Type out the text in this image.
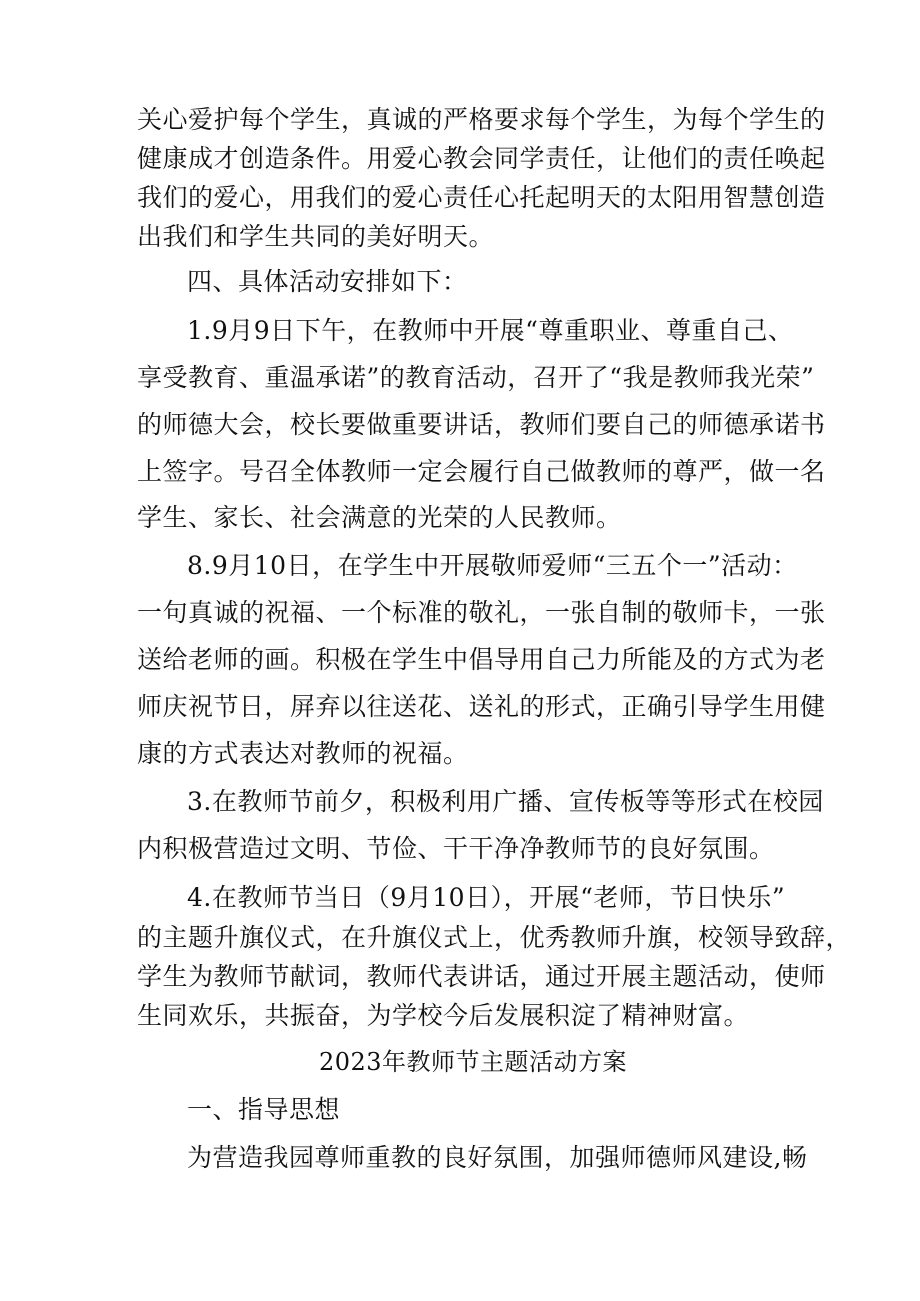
关心爱护每个学生，真诚的严格要求每个学生，为每个学生的
健康成才创造条件。用爱心教会同学责任，让他们的责任唤起
我们的爱心，用我们的爱心责任心托起明天的太阳用智慧创造
出我们和学生共同的美好明天。
四、具体活动安排如下：
1.9月9日下午，在教师中开展“尊重职业、尊重自己、
享受教育、重温承诺”的教育活动，召开了“我是教师我光荣”
的师德大会，校长要做重要讲话，教师们要自己的师德承诺书
上签字。号召全体教师一定会履行自己做教师的尊严，做一名
学生、家长、社会满意的光荣的人民教师。
8.9月10日，在学生中开展敬师爱师“三五个一”活动：
一句真诚的祝福、一个标准的敬礼，一张自制的敬师卡，一张
送给老师的画。积极在学生中倡导用自己力所能及的方式为老
师庆祝节日，屏弃以往送花、送礼的形式，正确引导学生用健
康的方式表达对教师的祝福。
3.在教师节前夕，积极利用广播、宣传板等等形式在校园
内积极营造过文明、节俭、干干净净教师节的良好氛围。
4.在教师节当日（9月10日），开展“老师，节日快乐”
的主题升旗仪式，在升旗仪式上，优秀教师升旗，校领导致辞，
学生为教师节献词，教师代表讲话，通过开展主题活动，使师
生同欢乐，共振奋，为学校今后发展积淀了精神财富。
2023年教师节主题活动方案
一、指导思想
为营造我园尊师重教的良好氛围，加强师德师风建设,畅
